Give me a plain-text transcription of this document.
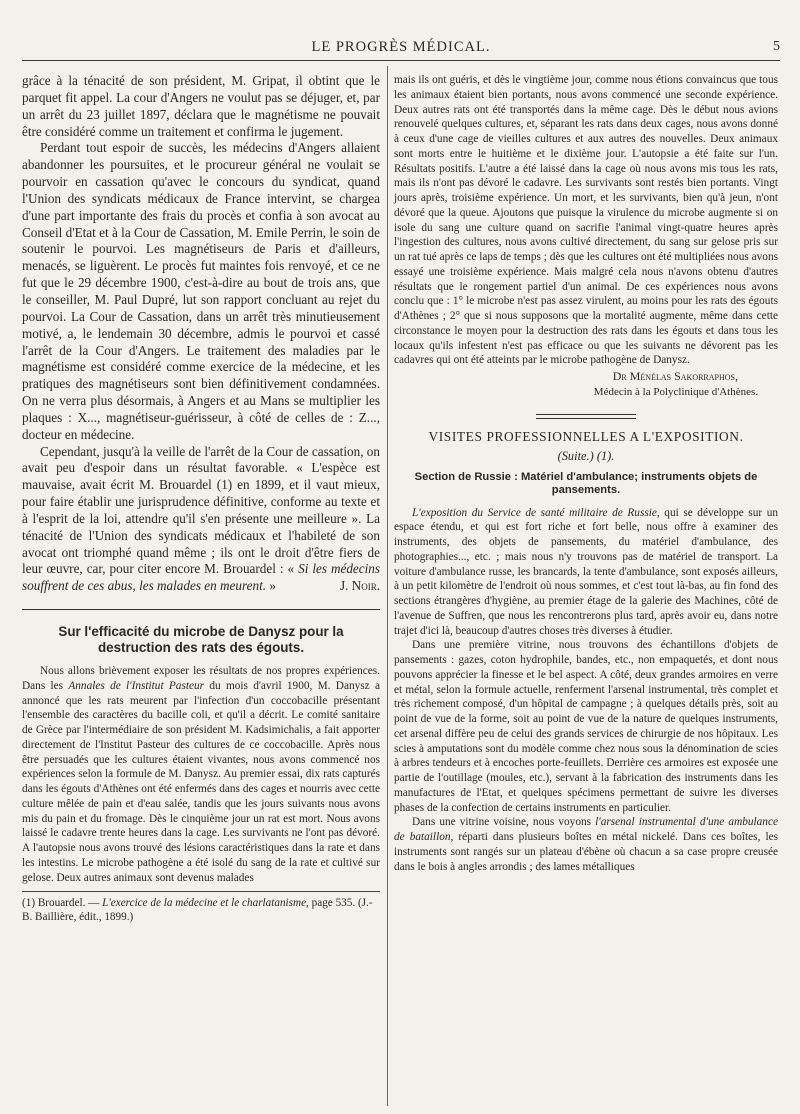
LE PROGRÈS MÉDICAL.	5

grâce à la ténacité de son président, M. Gripat, il obtint que le parquet fit appel. La cour d'Angers ne voulut pas se déjuger, et, par un arrêt du 23 juillet 1897, déclara que le magnétisme ne pouvait être considéré comme un traitement et confirma le jugement.

Perdant tout espoir de succès, les médecins d'Angers allaient abandonner les poursuites, et le procureur général ne voulait se pourvoir en cassation qu'avec le concours du syndicat, quand l'Union des syndicats médicaux de France intervint, se chargea d'une part importante des frais du procès et confia à son avocat au Conseil d'Etat et à la Cour de Cassation, M. Emile Perrin, le soin de soutenir le pourvoi. Les magnétiseurs de Paris et d'ailleurs, menacés, se liguèrent. Le procès fut maintes fois renvoyé, et ce ne fut que le 29 décembre 1900, c'est-à-dire au bout de trois ans, que le conseiller, M. Paul Dupré, lut son rapport concluant au rejet du pourvoi. La Cour de Cassation, dans un arrêt très minutieusement motivé, a, le lendemain 30 décembre, admis le pourvoi et cassé l'arrêt de la Cour d'Angers. Le traitement des maladies par le magnétisme est considéré comme exercice de la médecine, et les pratiques des magnétiseurs sont bien définitivement condamnées. On ne verra plus désormais, à Angers et au Mans se multiplier les plaques : X..., magnétiseur-guérisseur, à côté de celles de : Z..., docteur en médecine.

Cependant, jusqu'à la veille de l'arrêt de la Cour de cassation, on avait peu d'espoir dans un résultat favorable. « L'espèce est mauvaise, avait écrit M. Brouardel (1) en 1899, et il vaut mieux, pour faire établir une jurisprudence définitive, conforme au texte et à l'esprit de la loi, attendre qu'il s'en présente une meilleure ». La ténacité de l'Union des syndicats médicaux et l'habileté de son avocat ont triomphé quand même ; ils ont le droit d'être fiers de leur œuvre, car, pour citer encore M. Brouardel : « Si les médecins souffrent de ces abus, les malades en meurent. »	J. Noir.

Sur l'efficacité du microbe de Danysz pour la destruction des rats des égouts.

Nous allons brièvement exposer les résultats de nos propres expériences. Dans les Annales de l'Institut Pasteur du mois d'avril 1900, M. Danysz a annoncé que les rats meurent par l'infection d'un coccobacille présentant l'ensemble des caractères du bacille coli, et qu'il a décrit. Le comité sanitaire de Grèce par l'intermédiaire de son président M. Kadsimichalis, a fait apporter directement de l'Institut Pasteur des cultures de ce coccobacille. Après nous être persuadés que les cultures étaient vivantes, nous avons commencé nos expériences selon la formule de M. Danysz. Au premier essai, dix rats capturés dans les égouts d'Athènes ont été enfermés dans des cages et nourris avec cette culture mêlée de pain et d'eau salée, tandis que les jours suivants nous avons mis du pain et du fromage. Dès le cinquième jour un rat est mort. Nous avons laissé le cadavre trente heures dans la cage. Les survivants ne l'ont pas dévoré. A l'autopsie nous avons trouvé des lésions caractéristiques dans la rate et dans les intestins. Le microbe pathogène a été isolé du sang de la rate et cultivé sur gelose. Deux autres animaux sont devenus malades

(1) Brouardel. — L'exercice de la médecine et le charlatanisme, page 535. (J.-B. Baillière, édit., 1899.)

mais ils ont guéris, et dès le vingtième jour, comme nous étions convaincus que tous les animaux étaient bien portants, nous avons commencé une seconde expérience. Deux autres rats ont été transportés dans la même cage. Dès le début nous avions renouvelé quelques cultures, et, séparant les rats dans deux cages, nous avons donné à ceux d'une cage de vieilles cultures et aux autres des nouvelles. Deux animaux sont morts entre le huitième et le dixième jour. L'autopsie a été faite sur l'un. Résultats positifs. L'autre a été laissé dans la cage où nous avons mis tous les rats, mais ils n'ont pas dévoré le cadavre. Les survivants sont restés bien portants. Vingt jours après, troisième expérience. Un mort, et les survivants, bien qu'à jeun, n'ont dévoré que la queue. Ajoutons que puisque la virulence du microbe augmente si on isole du sang une culture quand on sacrifie l'animal vingt-quatre heures après l'ingestion des cultures, nous avons cultivé directement, du sang sur gelose pris sur un rat tué après ce laps de temps ; dès que les cultures ont été multipliées nous avons essayé une troisième expérience. Mais malgré cela nous n'avons obtenu d'autres résultats que le rongement partiel d'un animal. De ces expériences nous avons conclu que : 1° le microbe n'est pas assez virulent, au moins pour les rats des égouts d'Athènes ; 2° que si nous supposons que la mortalité augmente, même dans cette circonstance le moyen pour la destruction des rats dans les égouts et dans tous les locaux qu'ils infestent n'est pas efficace ou que les suivants ne dévorent pas les cadavres qui ont été atteints par le microbe pathogène de Danysz.

Dr Ménélas Sakorraphos,
Médecin à la Polyclinique d'Athènes.
VISITES PROFESSIONNELLES A L'EXPOSITION.
(Suite.) (1).
Section de Russie : Matériel d'ambulance; instruments objets de pansements.

L'exposition du Service de santé militaire de Russie, qui se développe sur un espace étendu, et qui est fort riche et fort belle, nous offre à examiner des instruments, des objets de pansements, du matériel d'ambulance, des photographies..., etc. ; mais nous n'y trouvons pas de matériel de transport. La voiture d'ambulance russe, les brancards, la tente d'ambulance, sont exposés ailleurs, à un petit kilomètre de l'endroit où nous sommes, et c'est tout là-bas, au fin fond des sections étrangères d'hygiène, au premier étage de la galerie des Machines, côté de l'avenue de Suffren, que nous les rencontrerons plus tard, après avoir eu, dans notre trajet d'ici là, beaucoup d'autres choses très diverses à étudier.

Dans une première vitrine, nous trouvons des échantillons d'objets de pansements : gazes, coton hydrophile, bandes, etc., non empaquetés, et dont nous pouvons apprécier la finesse et le bel aspect. A côté, deux grandes armoires en verre et métal, selon la formule actuelle, renferment l'arsenal instrumental, très complet et très richement composé, d'un hôpital de campagne ; à quelques détails près, soit au point de vue de la forme, soit au point de vue de la nature de quelques instruments, cet arsenal diffère peu de celui des grands services de chirurgie de nos hôpitaux. Les scies à amputations sont du modèle comme chez nous sous la dénomination de scies à arbres tendeurs et à encoches porte-feuillets. Derrière ces armoires est exposée une partie de l'outillage (moules, etc.), servant à la fabrication des instruments dans les manufactures de l'Etat, et quelques spécimens permettant de suivre les diverses phases de la confection de certains instruments en particulier.

Dans une vitrine voisine, nous voyons l'arsenal instrumental d'une ambulance de bataillon, réparti dans plusieurs boîtes en métal nickelé. Dans ces boîtes, les instruments sont rangés sur un plateau d'ébène où chacun a sa case propre creusée dans le bois à angles arrondis ; des lames métalliques
